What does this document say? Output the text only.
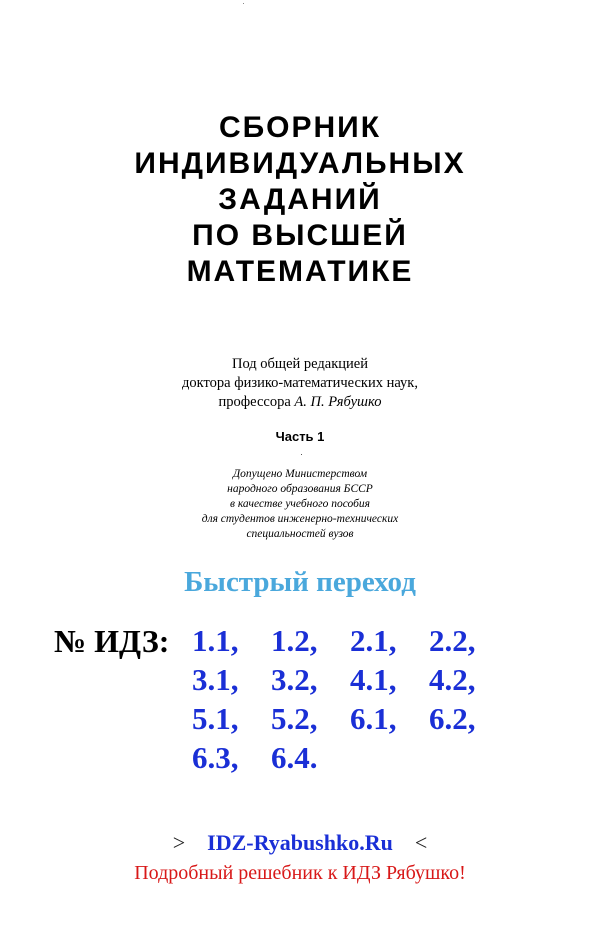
СБОРНИК
ИНДИВИДУАЛЬНЫХ
ЗАДАНИЙ
ПО ВЫСШЕЙ
МАТЕМАТИКЕ
Под общей редакцией
доктора физико-математических наук,
профессора А. П. Рябушко
Часть 1
Допущено Министерством
народного образования БССР
в качестве учебного пособия
для студентов инженерно-технических
специальностей вузов
Быстрый переход
№ ИДЗ: 1.1, 1.2, 2.1, 2.2,
3.1, 3.2, 4.1, 4.2,
5.1, 5.2, 6.1, 6.2,
6.3, 6.4.
> IDZ-Ryabushko.Ru <
Подробный решебник к ИДЗ Рябушко!
